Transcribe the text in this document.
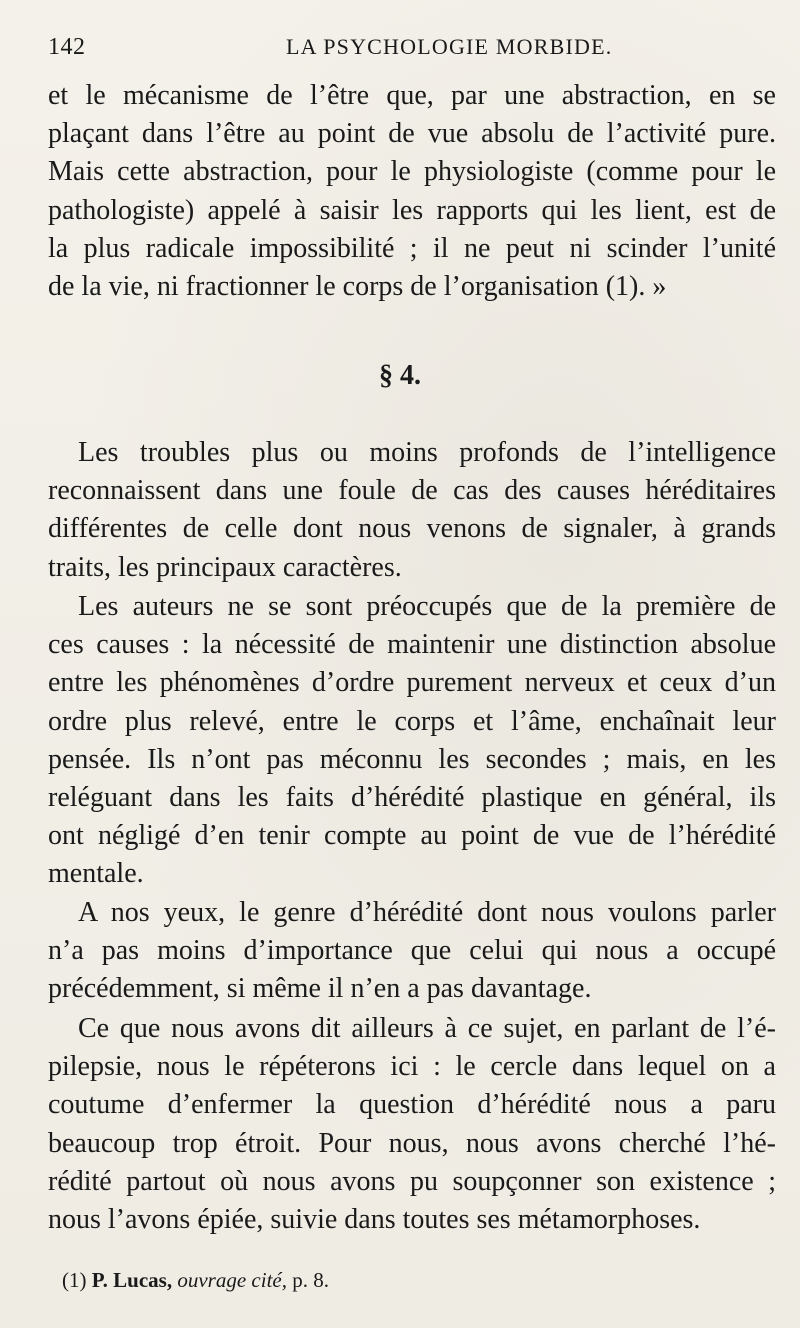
142	LA PSYCHOLOGIE MORBIDE.
et le mécanisme de l’être que, par une abstraction, en se
plaçant dans l’être au point de vue absolu de l’activité pure.
Mais cette abstraction, pour le physiologiste (comme pour le
pathologiste) appelé à saisir les rapports qui les lient, est de
la plus radicale impossibilité ; il ne peut ni scinder l’unité
de la vie, ni fractionner le corps de l’organisation (1). »
§ 4.
Les troubles plus ou moins profonds de l’intelligence
reconnaissent dans une foule de cas des causes héréditaires
différentes de celle dont nous venons de signaler, à grands
traits, les principaux caractères.
Les auteurs ne se sont préoccupés que de la première de
ces causes : la nécessité de maintenir une distinction absolue
entre les phénomènes d’ordre purement nerveux et ceux d’un
ordre plus relevé, entre le corps et l’âme, enchaînait leur
pensée. Ils n’ont pas méconnu les secondes ; mais, en les
reléguant dans les faits d’hérédité plastique en général, ils
ont négligé d’en tenir compte au point de vue de l’hérédité
mentale.
A nos yeux, le genre d’hérédité dont nous voulons parler
n’a pas moins d’importance que celui qui nous a occupé
précédemment, si même il n’en a pas davantage.
Ce que nous avons dit ailleurs à ce sujet, en parlant de l’é-
pilepsie, nous le répéterons ici : le cercle dans lequel on a
coutume d’enfermer la question d’hérédité nous a paru
beaucoup trop étroit. Pour nous, nous avons cherché l’hé-
rédité partout où nous avons pu soupçonner son existence ;
nous l’avons épiée, suivie dans toutes ses métamorphoses.
(1) P. Lucas, ouvrage cité, p. 8.
